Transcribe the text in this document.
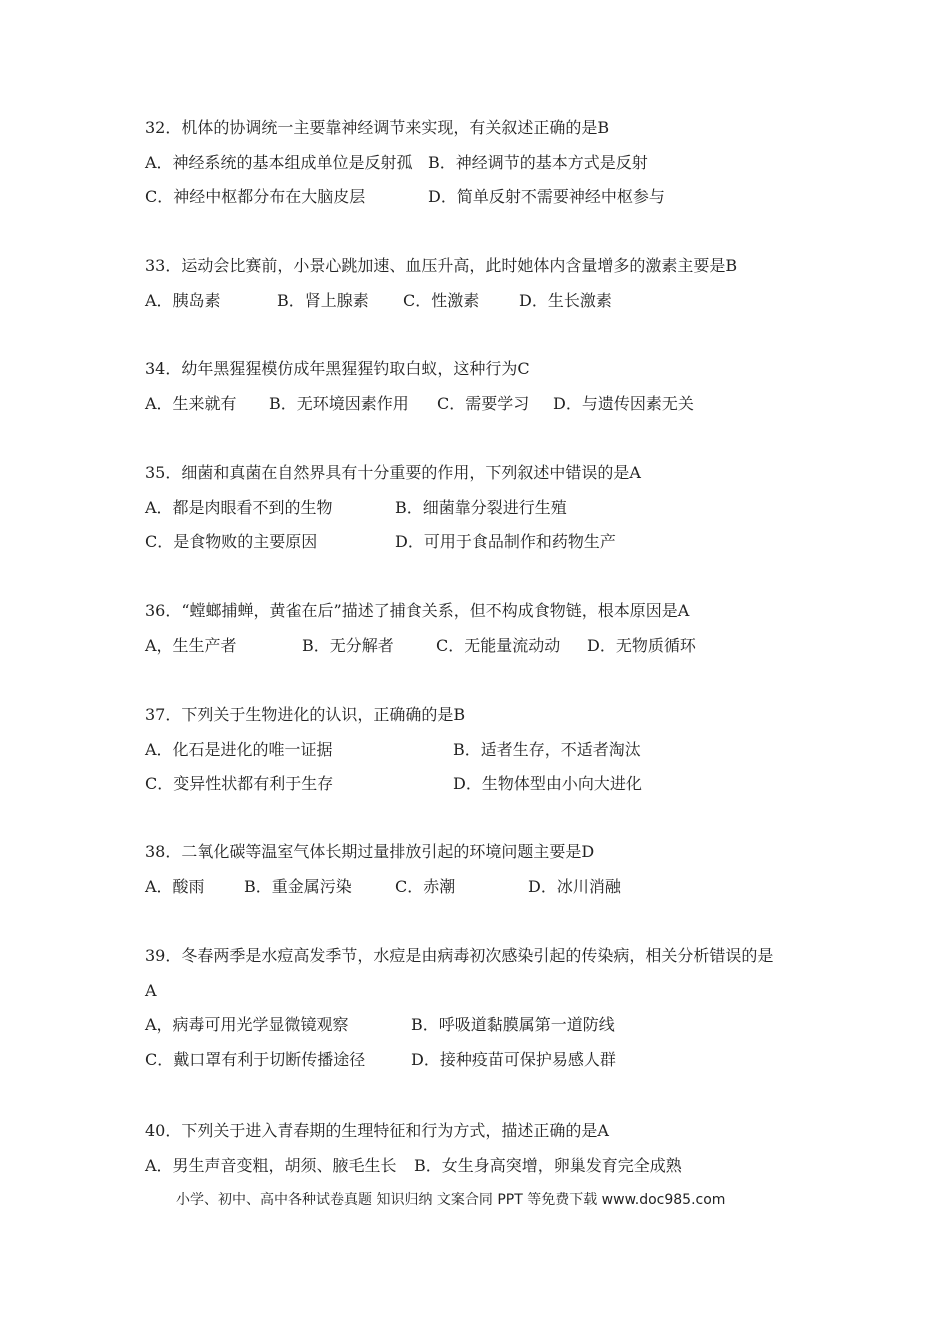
32．机体的协调统一主要靠神经调节来实现，有关叙述正确的是B
A．神经系统的基本组成单位是反射孤 B．神经调节的基本方式是反射
C．神经中枢都分布在大脑皮层	D．简单反射不需要神经中枢参与
33．运动会比赛前，小景心跳加速、血压升高，此时她体内含量增多的激素主要是B
A．胰岛素	B．肾上腺素 C．性激素 D．生长激素
34．幼年黑猩猩模仿成年黑猩猩钓取白蚁，这种行为C
A．生来就有 B．无环境因素作用 C．需要学习 D．与遗传因素无关
35．细菌和真菌在自然界具有十分重要的作用，下列叙述中错误的是A
A．都是肉眼看不到的生物	B．细菌靠分裂进行生殖
C．是食物败的主要原因	D．可用于食品制作和药物生产
36．“螳螂捕蝉，黄雀在后”描述了捕食关系，但不构成食物链，根本原因是A
A，生生产者	B．无分解者	C．无能量流动动 D．无物质循环
37．下列关于生物进化的认识，正确确的是B
A．化石是进化的唯一证据	B．适者生存，不适者淘汰
C．变异性状都有利于生存	D．生物体型由小向大进化
38．二氧化碳等温室气体长期过量排放引起的环境问题主要是D
A．酸雨 B．重金属污染	C．赤潮	D．冰川消融
39．冬春两季是水痘高发季节，水痘是由病毒初次感染引起的传染病，相关分析错误的是
A
A，病毒可用光学显微镜观察	B．呼吸道黏膜属第一道防线
C．戴口罩有利于切断传播途径	D．接种疫苗可保护易感人群
40．下列关于进入青春期的生理特征和行为方式，描述正确的是A
A．男生声音变粗，胡须、腋毛生长 B．女生身高突增，卵巢发育完全成熟
小学、初中、高中各种试卷真题 知识归纳 文案合同 PPT 等免费下载 www.doc985.com
